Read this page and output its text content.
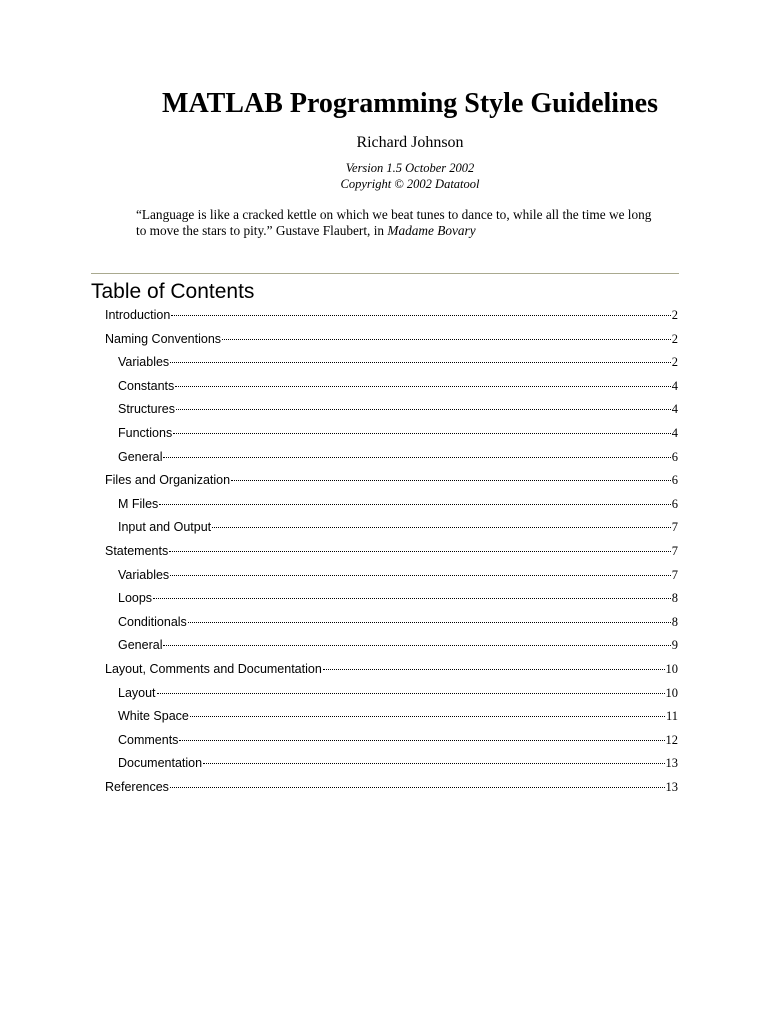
MATLAB Programming Style Guidelines
Richard Johnson
Version 1.5 October 2002
Copyright © 2002 Datatool
“Language is like a cracked kettle on which we beat tunes to dance to, while all the time we long to move the stars to pity.” Gustave Flaubert, in Madame Bovary
Table of Contents
Introduction	2
Naming Conventions	2
Variables	2
Constants	4
Structures	4
Functions	4
General	6
Files and Organization	6
M Files	6
Input and Output	7
Statements	7
Variables	7
Loops	8
Conditionals	8
General	9
Layout, Comments and Documentation	10
Layout	10
White Space	11
Comments	12
Documentation	13
References	13
